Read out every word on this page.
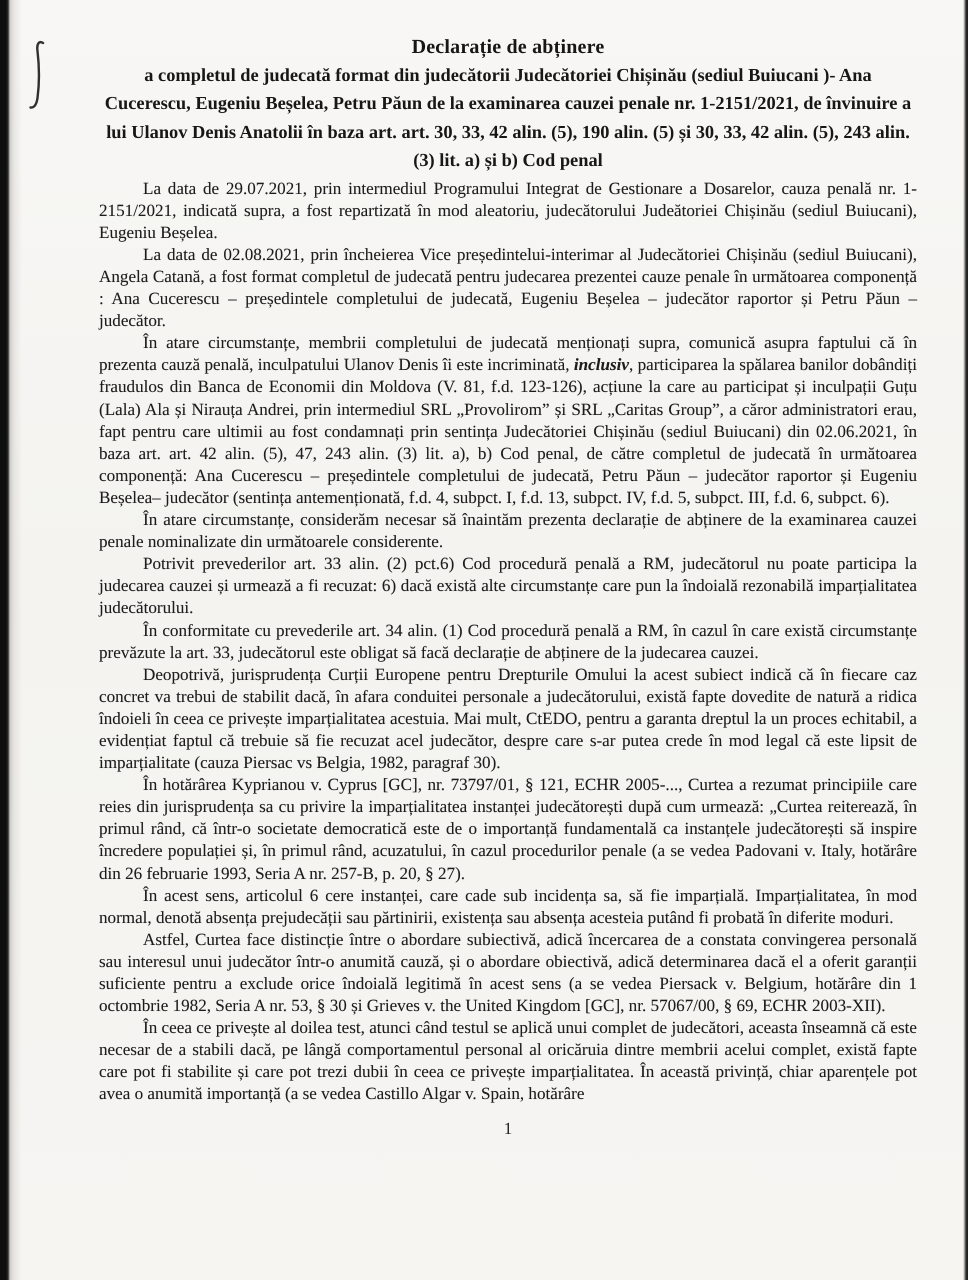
Declarație de abținere
a completul de judecată format din judecătorii Judecătoriei Chișinău (sediul Buiucani )- Ana Cucerescu, Eugeniu Beșelea, Petru Păun de la examinarea cauzei penale nr. 1-2151/2021, de învinuire a lui Ulanov Denis Anatolii în baza art. art. 30, 33, 42 alin. (5), 190 alin. (5) și 30, 33, 42 alin. (5), 243 alin. (3) lit. a) și b) Cod penal

La data de 29.07.2021, prin intermediul Programului Integrat de Gestionare a Dosarelor, cauza penală nr. 1-2151/2021, indicată supra, a fost repartizată în mod aleatoriu, judecătorului Judeătoriei Chișinău (sediul Buiucani), Eugeniu Beșelea.

La data de 02.08.2021, prin încheierea Vice președintelui-interimar al Judecătoriei Chișinău (sediul Buiucani), Angela Catană, a fost format completul de judecată pentru judecarea prezentei cauze penale în următoarea componență : Ana Cucerescu – președintele completului de judecată, Eugeniu Beșelea – judecător raportor și Petru Păun – judecător.

În atare circumstanțe, membrii completului de judecată menționați supra, comunică asupra faptului că în prezenta cauză penală, inculpatului Ulanov Denis îi este incriminată, inclusiv, participarea la spălarea banilor dobândiți fraudulos din Banca de Economii din Moldova (V. 81, f.d. 123-126), acțiune la care au participat și inculpații Guțu (Lala) Ala și Nirauța Andrei, prin intermediul SRL „Provolirom” și SRL „Caritas Group”, a căror administratori erau, fapt pentru care ultimii au fost condamnați prin sentința Judecătoriei Chișinău (sediul Buiucani) din 02.06.2021, în baza art. art. 42 alin. (5), 47, 243 alin. (3) lit. a), b) Cod penal, de către completul de judecată în următoarea componență: Ana Cucerescu – președintele completului de judecată, Petru Păun – judecător raportor și Eugeniu Beșelea– judecător (sentința antemenționată, f.d. 4, subpct. I, f.d. 13, subpct. IV, f.d. 5, subpct. III, f.d. 6, subpct. 6).

În atare circumstanțe, considerăm necesar să înaintăm prezenta declarație de abținere de la examinarea cauzei penale nominalizate din următoarele considerente.

Potrivit prevederilor art. 33 alin. (2) pct.6) Cod procedură penală a RM, judecătorul nu poate participa la judecarea cauzei și urmează a fi recuzat: 6) dacă există alte circumstanțe care pun la îndoială rezonabilă imparțialitatea judecătorului.

În conformitate cu prevederile art. 34 alin. (1) Cod procedură penală a RM, în cazul în care există circumstanțe prevăzute la art. 33, judecătorul este obligat să facă declarație de abținere de la judecarea cauzei.

Deopotrivă, jurisprudența Curții Europene pentru Drepturile Omului la acest subiect indică că în fiecare caz concret va trebui de stabilit dacă, în afara conduitei personale a judecătorului, există fapte dovedite de natură a ridica îndoieli în ceea ce privește imparțialitatea acestuia. Mai mult, CtEDO, pentru a garanta dreptul la un proces echitabil, a evidențiat faptul că trebuie să fie recuzat acel judecător, despre care s-ar putea crede în mod legal că este lipsit de imparțialitate (cauza Piersac vs Belgia, 1982, paragraf 30).

În hotărârea Kyprianou v. Cyprus [GC], nr. 73797/01, § 121, ECHR 2005-..., Curtea a rezumat principiile care reies din jurisprudența sa cu privire la imparțialitatea instanței judecătorești după cum urmează: „Curtea reiterează, în primul rând, că într-o societate democratică este de o importanță fundamentală ca instanțele judecătorești să inspire încredere populației și, în primul rând, acuzatului, în cazul procedurilor penale (a se vedea Padovani v. Italy, hotărâre din 26 februarie 1993, Seria A nr. 257-B, p. 20, § 27).

În acest sens, articolul 6 cere instanței, care cade sub incidența sa, să fie imparțială. Imparțialitatea, în mod normal, denotă absența prejudecății sau părtinirii, existența sau absența acesteia putând fi probată în diferite moduri.

Astfel, Curtea face distincție între o abordare subiectivă, adică încercarea de a constata convingerea personală sau interesul unui judecător într-o anumită cauză, și o abordare obiectivă, adică determinarea dacă el a oferit garanții suficiente pentru a exclude orice îndoială legitimă în acest sens (a se vedea Piersack v. Belgium, hotărâre din 1 octombrie 1982, Seria A nr. 53, § 30 și Grieves v. the United Kingdom [GC], nr. 57067/00, § 69, ECHR 2003-XII).

În ceea ce privește al doilea test, atunci când testul se aplică unui complet de judecători, aceasta înseamnă că este necesar de a stabili dacă, pe lângă comportamentul personal al oricăruia dintre membrii acelui complet, există fapte care pot fi stabilite și care pot trezi dubii în ceea ce privește imparțialitatea. În această privință, chiar aparențele pot avea o anumită importanță (a se vedea Castillo Algar v. Spain, hotărâre

1
